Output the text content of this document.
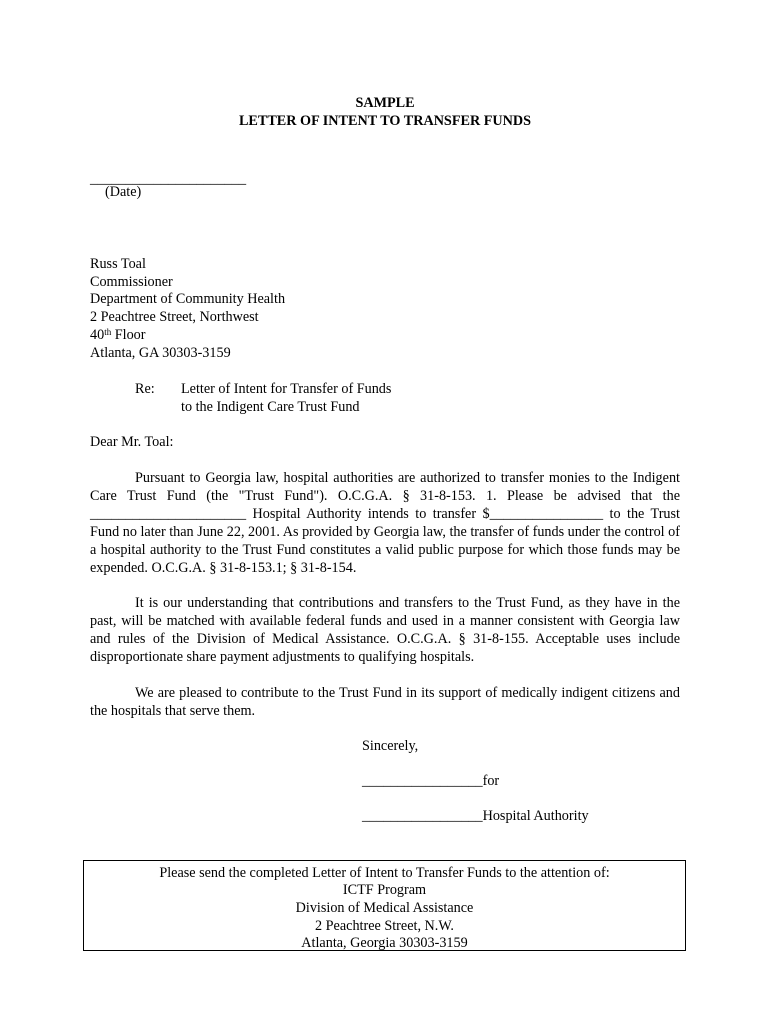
SAMPLE
LETTER OF INTENT TO TRANSFER FUNDS
______________________
(Date)
Russ Toal
Commissioner
Department of Community Health
2 Peachtree Street, Northwest
40th Floor
Atlanta, GA 30303-3159
Re: Letter of Intent for Transfer of Funds
to the Indigent Care Trust Fund
Dear Mr. Toal:
Pursuant to Georgia law, hospital authorities are authorized to transfer monies to the Indigent Care Trust Fund (the "Trust Fund"). O.C.G.A. § 31-8-153. 1. Please be advised that the ______________________ Hospital Authority intends to transfer $________________ to the Trust Fund no later than June 22, 2001. As provided by Georgia law, the transfer of funds under the control of a hospital authority to the Trust Fund constitutes a valid public purpose for which those funds may be expended. O.C.G.A. § 31-8-153.1; § 31-8-154.
It is our understanding that contributions and transfers to the Trust Fund, as they have in the past, will be matched with available federal funds and used in a manner consistent with Georgia law and rules of the Division of Medical Assistance. O.C.G.A. § 31-8-155. Acceptable uses include disproportionate share payment adjustments to qualifying hospitals.
We are pleased to contribute to the Trust Fund in its support of medically indigent citizens and the hospitals that serve them.
Sincerely,
_________________for
_________________Hospital Authority
Please send the completed Letter of Intent to Transfer Funds to the attention of:
ICTF Program
Division of Medical Assistance
2 Peachtree Street, N.W.
Atlanta, Georgia 30303-3159
